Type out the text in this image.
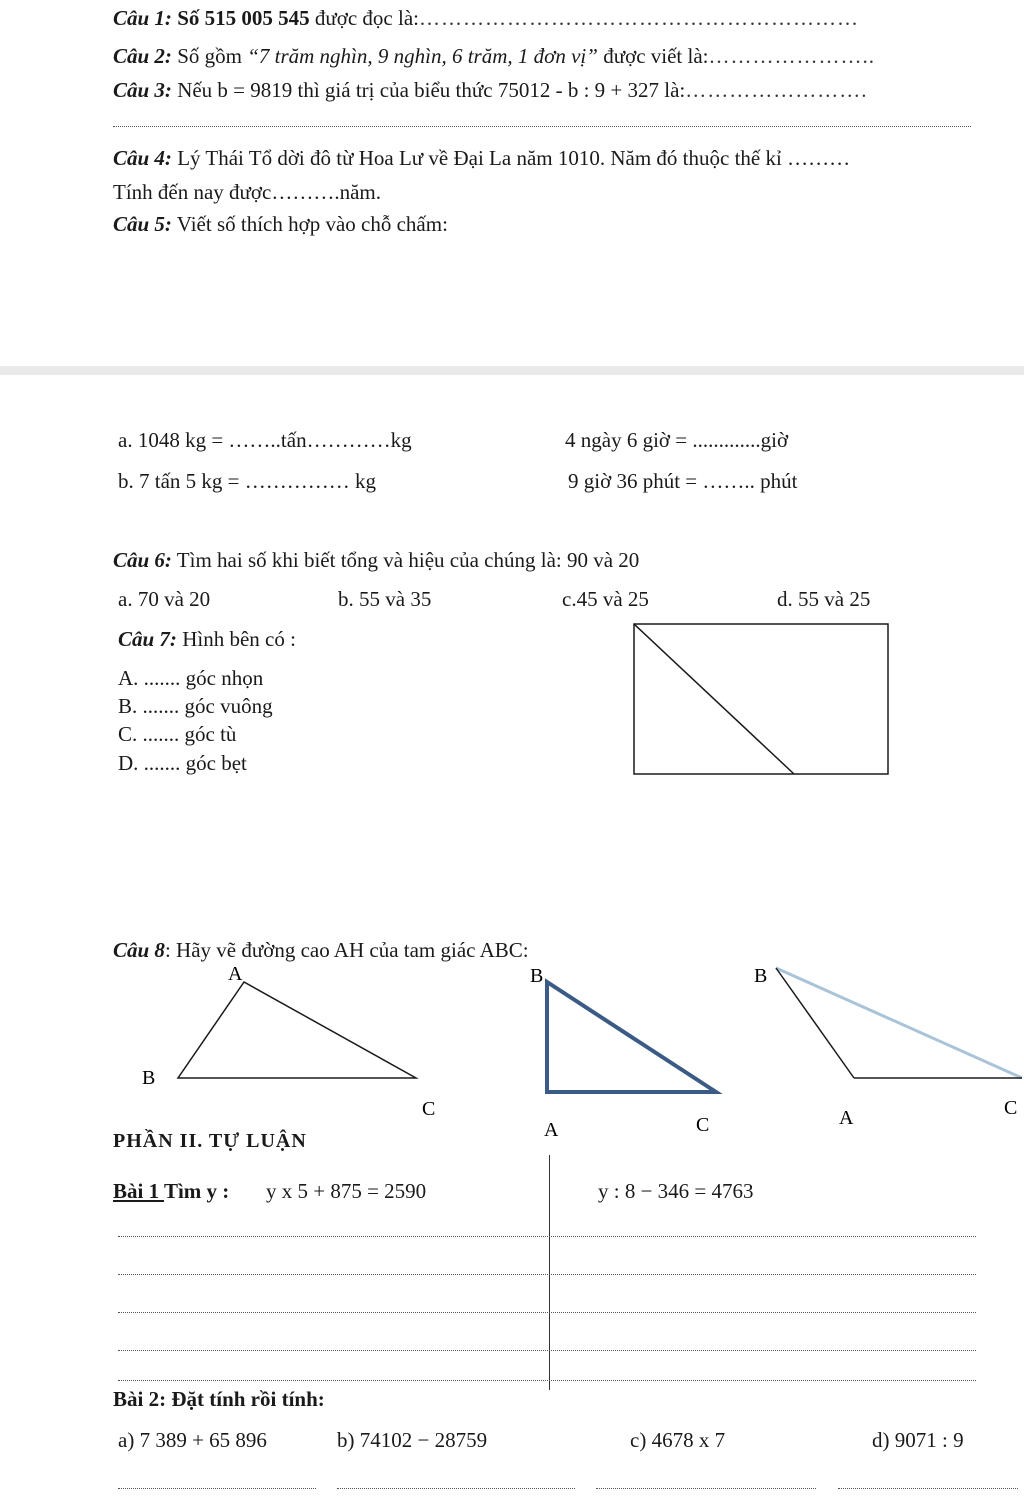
Câu 1: Số 515 005 545 được đọc là:……………………………………………………
Câu 2: Số gồm “7 trăm nghìn, 9 nghìn, 6 trăm, 1 đơn vị” được viết là:…………………..
Câu 3: Nếu b = 9819 thì giá trị của biểu thức 75012 - b : 9 + 327 là:…………………….
Câu 4: Lý Thái Tổ dời đô từ Hoa Lư về Đại La năm 1010. Năm đó thuộc thế kỉ ………
Tính đến nay được……….năm.
Câu 5: Viết số thích hợp vào chỗ chấm:
a. 1048 kg = ……..tấn…………kg	4 ngày 6 giờ = .............giờ
b. 7 tấn 5 kg = …………… kg	9 giờ 36 phút = …….. phút
Câu 6: Tìm hai số khi biết tổng và hiệu của chúng là: 90 và 20
a. 70 và 20	b. 55 và 35	c.45 và 25	d. 55 và 25
Câu 7: Hình bên có :
A. ....... góc nhọn
B. ....... góc vuông
C. ....... góc tù
D. ....... góc bẹt
Câu 8: Hãy vẽ đường cao AH của tam giác ABC:
A
B
C
B
A	C
B
A	C
PHẦN II. TỰ LUẬN
Bài 1 Tìm y : y x 5 + 875 = 2590	y : 8 − 346 = 4763
Bài 2: Đặt tính rồi tính:
a) 7 389 + 65 896	b) 74102 − 28759	c) 4678 x 7	d) 9071 : 9
